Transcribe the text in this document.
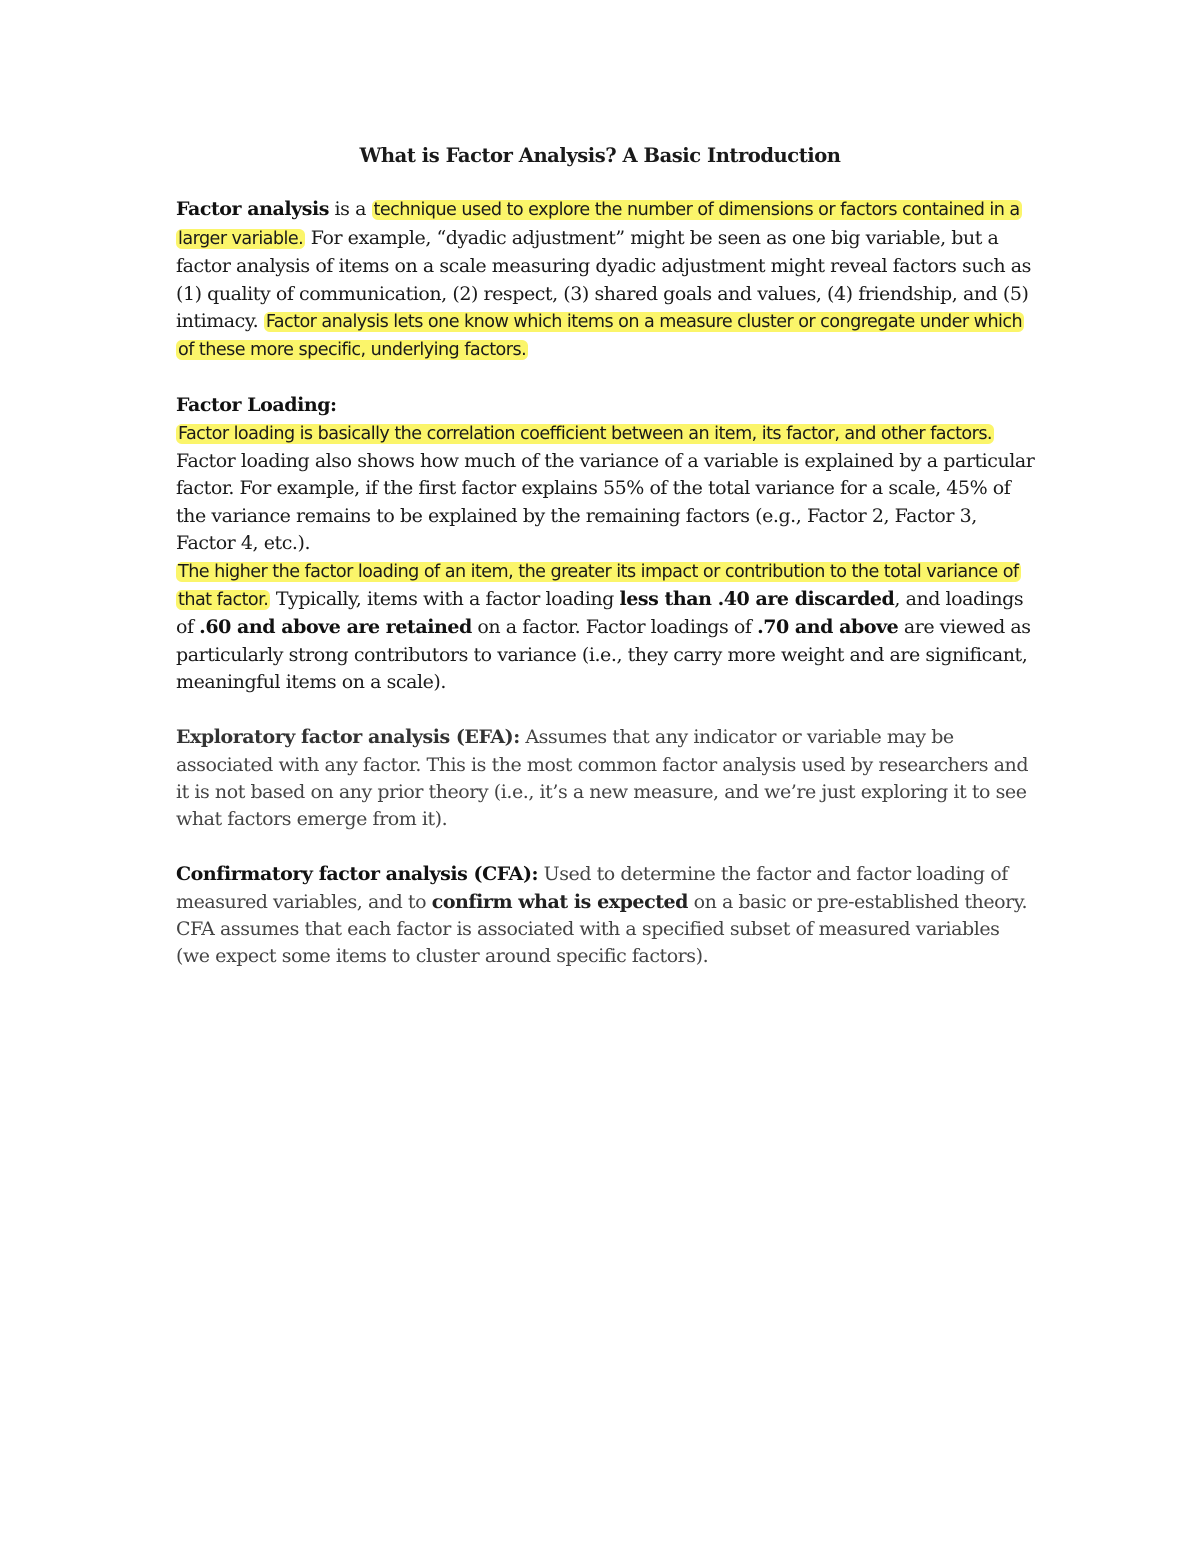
What is Factor Analysis? A Basic Introduction

Factor analysis is a technique used to explore the number of dimensions or factors contained in a larger variable. For example, “dyadic adjustment” might be seen as one big variable, but a factor analysis of items on a scale measuring dyadic adjustment might reveal factors such as (1) quality of communication, (2) respect, (3) shared goals and values, (4) friendship, and (5) intimacy. Factor analysis lets one know which items on a measure cluster or congregate under which of these more specific, underlying factors.

Factor Loading:

Factor loading is basically the correlation coefficient between an item, its factor, and other factors. Factor loading also shows how much of the variance of a variable is explained by a particular factor. For example, if the first factor explains 55% of the total variance for a scale, 45% of the variance remains to be explained by the remaining factors (e.g., Factor 2, Factor 3, Factor 4, etc.).

The higher the factor loading of an item, the greater its impact or contribution to the total variance of that factor. Typically, items with a factor loading less than .40 are discarded, and loadings of .60 and above are retained on a factor. Factor loadings of .70 and above are viewed as particularly strong contributors to variance (i.e., they carry more weight and are significant, meaningful items on a scale).

Exploratory factor analysis (EFA): Assumes that any indicator or variable may be associated with any factor. This is the most common factor analysis used by researchers and it is not based on any prior theory (i.e., it’s a new measure, and we’re just exploring it to see what factors emerge from it).

Confirmatory factor analysis (CFA): Used to determine the factor and factor loading of measured variables, and to confirm what is expected on a basic or pre-established theory. CFA assumes that each factor is associated with a specified subset of measured variables (we expect some items to cluster around specific factors).
